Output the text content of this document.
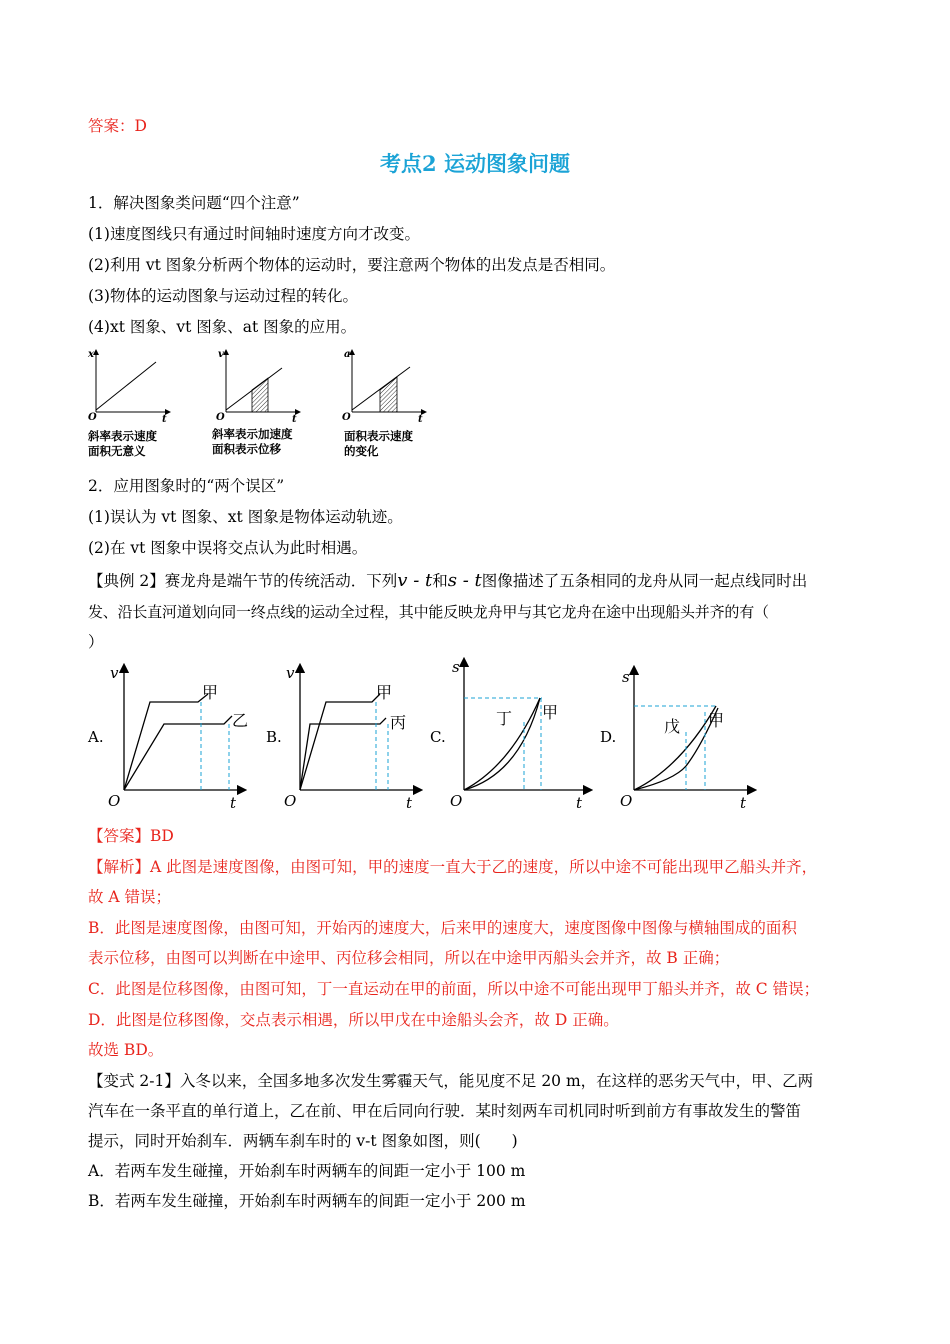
答案：D
考点2 运动图象问题
1．解决图象类问题“四个注意”
(1)速度图线只有通过时间轴时速度方向才改变。
(2)利用 vt 图象分析两个物体的运动时，要注意两个物体的出发点是否相同。
(3)物体的运动图象与运动过程的转化。
(4)xt 图象、vt 图象、at 图象的应用。
x
O	t
v
O	t
a
O	t
斜率表示速度
面积无意义
斜率表示加速度
面积表示位移
面积表示速度
的变化
2．应用图象时的“两个误区”
(1)误认为 vt 图象、xt 图象是物体运动轨迹。
(2)在 vt 图象中误将交点认为此时相遇。
【典例 2】赛龙舟是端午节的传统活动．下列v - t和s - t图像描述了五条相同的龙舟从同一起点线同时出
发、沿长直河道划向同一终点线的运动全过程，其中能反映龙舟甲与其它龙舟在途中出现船头并齐的有（
）
A.
v
O	t
甲
乙
B.
v
O	t
甲
丙
C.
s
O	t
丁 甲
D.
s
O	t
戊 甲
【答案】BD
【解析】A 此图是速度图像，由图可知，甲的速度一直大于乙的速度，所以中途不可能出现甲乙船头并齐，
故 A 错误；
B．此图是速度图像，由图可知，开始丙的速度大，后来甲的速度大，速度图像中图像与横轴围成的面积
表示位移，由图可以判断在中途甲、丙位移会相同，所以在中途甲丙船头会并齐，故 B 正确；
C．此图是位移图像，由图可知，丁一直运动在甲的前面，所以中途不可能出现甲丁船头并齐，故 C 错误；
D．此图是位移图像，交点表示相遇，所以甲戊在中途船头会齐，故 D 正确。
故选 BD。
【变式 2-1】入冬以来，全国多地多次发生雾霾天气，能见度不足 20 m，在这样的恶劣天气中，甲、乙两
汽车在一条平直的单行道上，乙在前、甲在后同向行驶．某时刻两车司机同时听到前方有事故发生的警笛
提示，同时开始刹车．两辆车刹车时的 v-t 图象如图，则(　　)
A．若两车发生碰撞，开始刹车时两辆车的间距一定小于 100 m
B．若两车发生碰撞，开始刹车时两辆车的间距一定小于 200 m
